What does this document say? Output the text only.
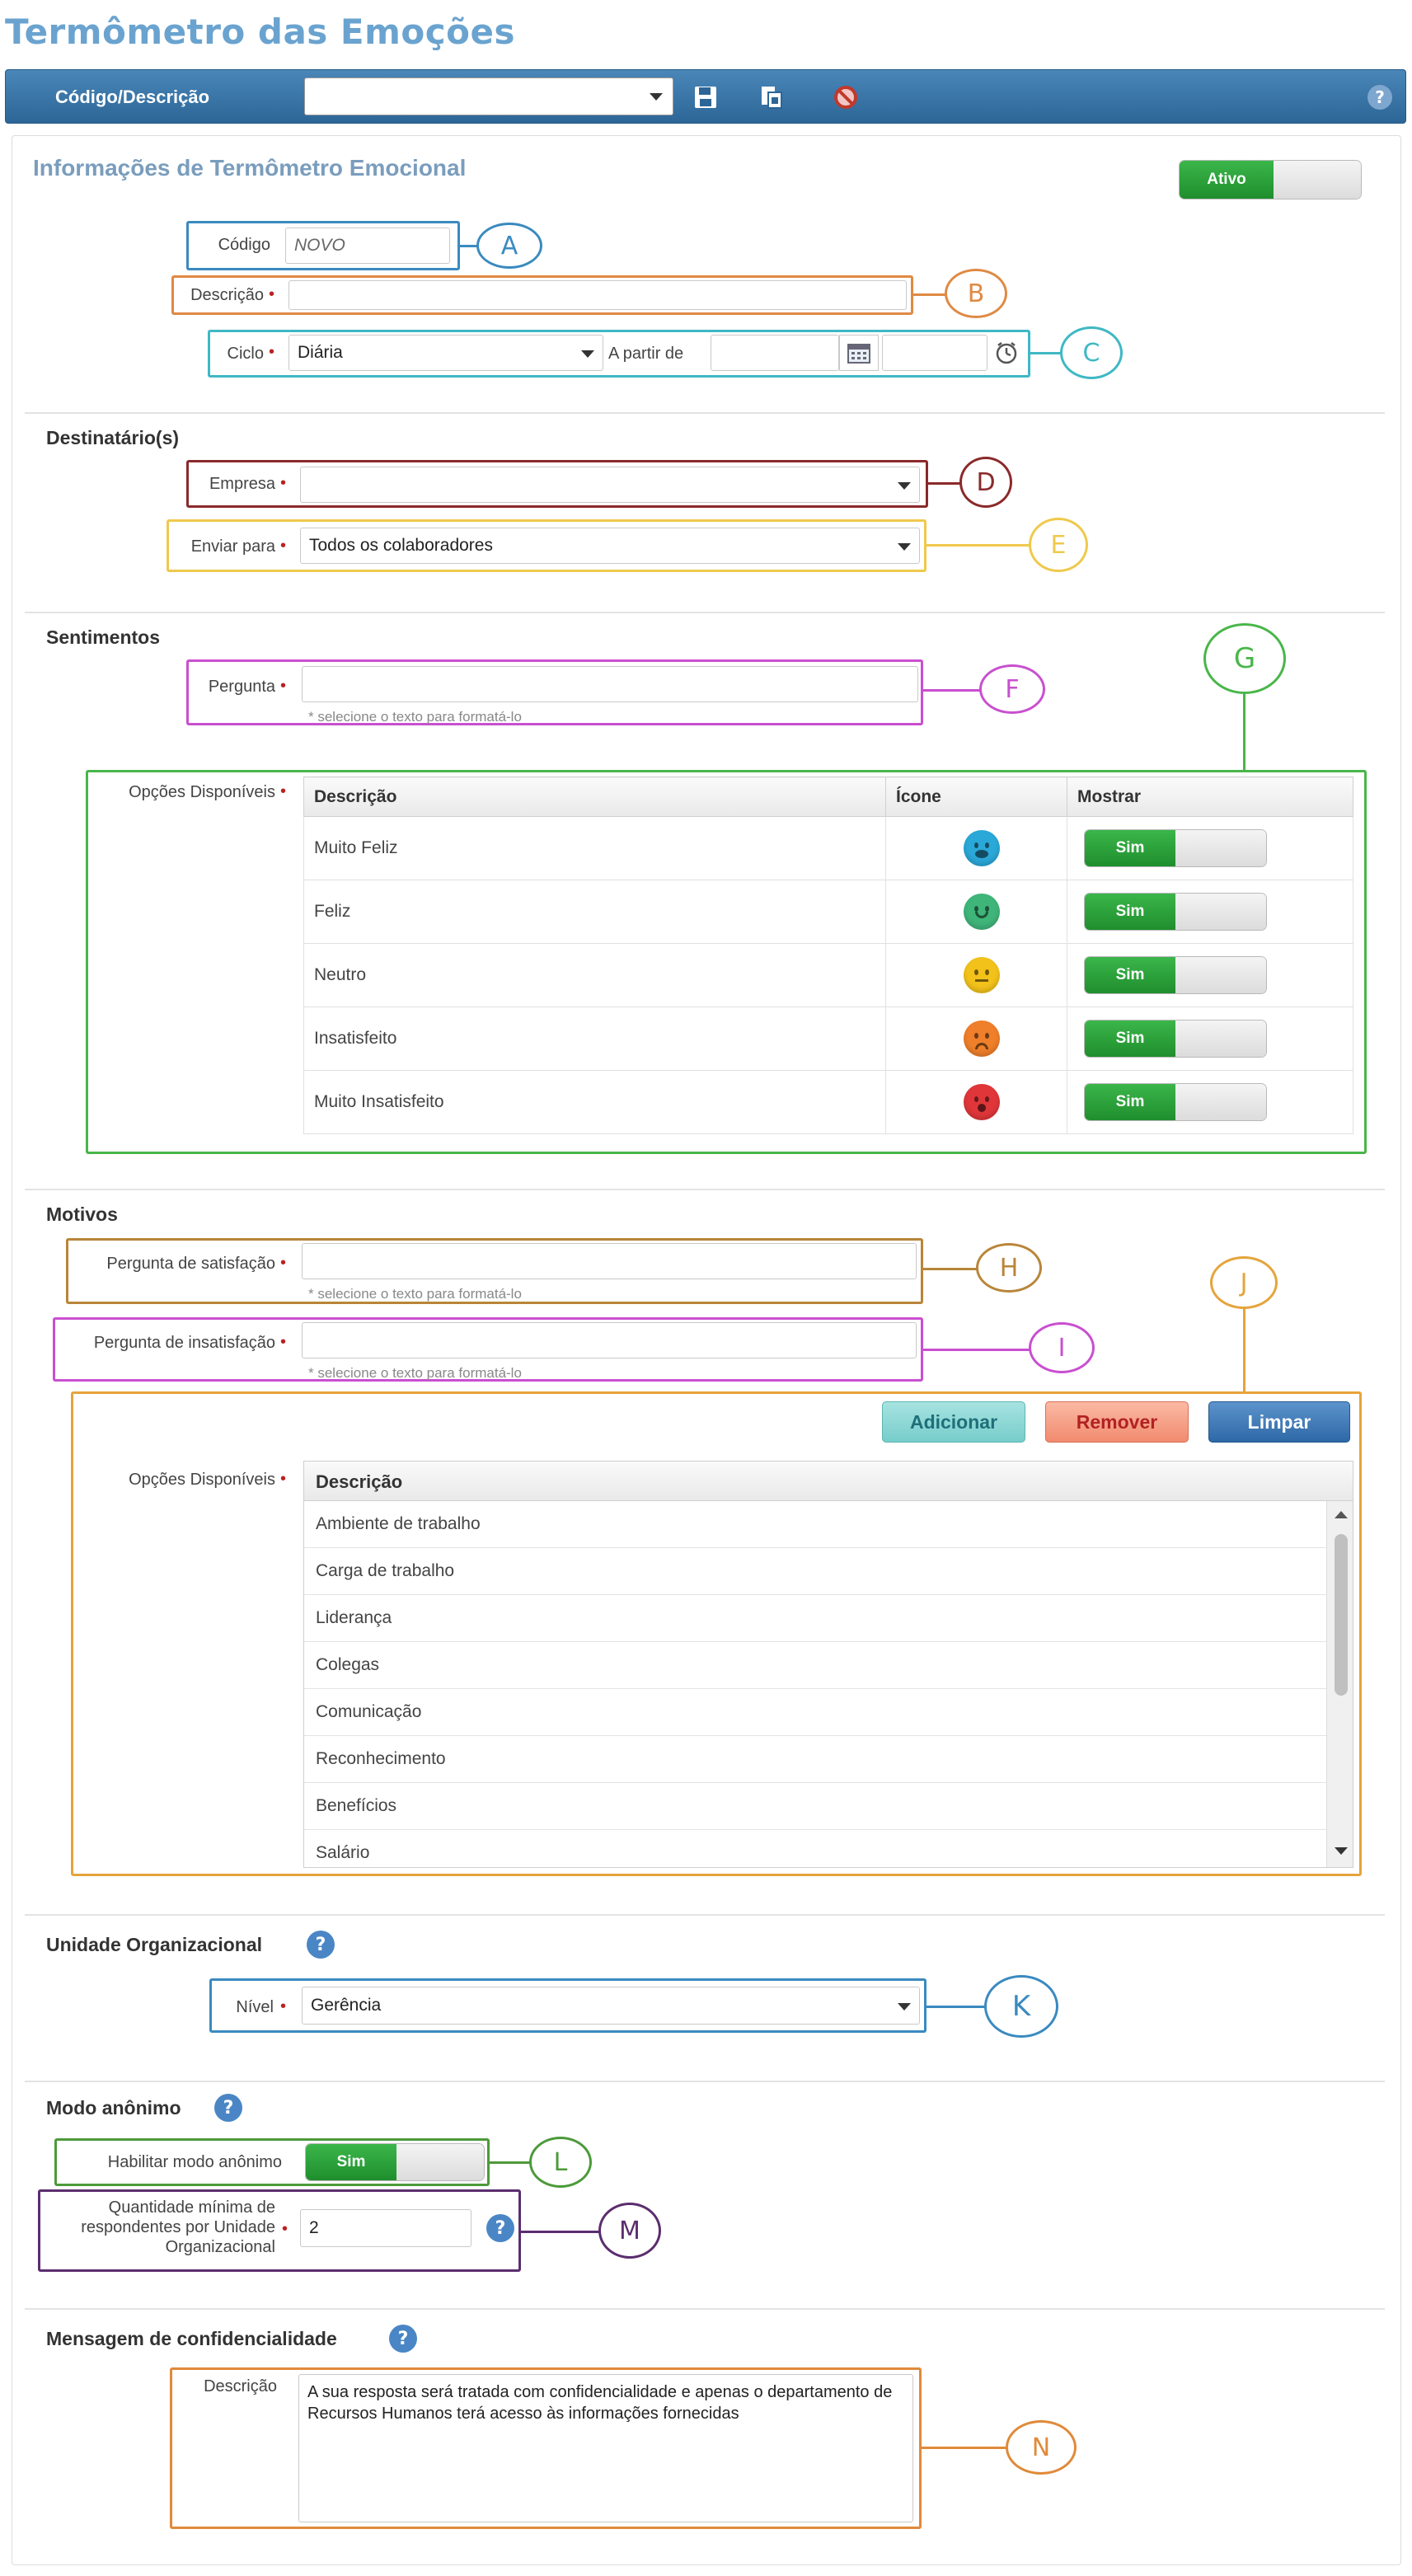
Termômetro das Emoções
Código/Descrição	?
Informações de Termômetro Emocional	Ativo
Código	NOVO	A
Descrição •	B
Ciclo • Diária	A partir de	C
Destinatário(s)
Empresa •	D
Enviar para • Todos os colaboradores	E
Sentimentos
Pergunta •
* selecione o texto para formatá-lo
F
G
Opções Disponíveis • Descrição	Ícone	Mostrar
Muito Feliz		Sim

Feliz		Sim

Neutro		Sim

Insatisfeito		Sim

Muito Insatisfeito		Sim
Motivos
Pergunta de satisfação •
* selecione o texto para formatá-lo
H
Pergunta de insatisfação •
* selecione o texto para formatá-lo
I
J
Adicionar	Remover	Limpar
Opções Disponíveis •	Descrição
Ambiente de trabalho
Carga de trabalho
Liderança
Colegas
Comunicação
Reconhecimento
Benefícios
Salário
Unidade Organizacional	?
Nível • Gerência	K
Modo anônimo	?
Habilitar modo anônimo	Sim	L
Quantidade mínima de
respondentes por Unidade
Organizacional
•	2	?	M
Mensagem de confidencialidade	?
Descrição	A sua resposta será tratada com confidencialidade e apenas o departamento de Recursos Humanos terá acesso às informações fornecidas
N
